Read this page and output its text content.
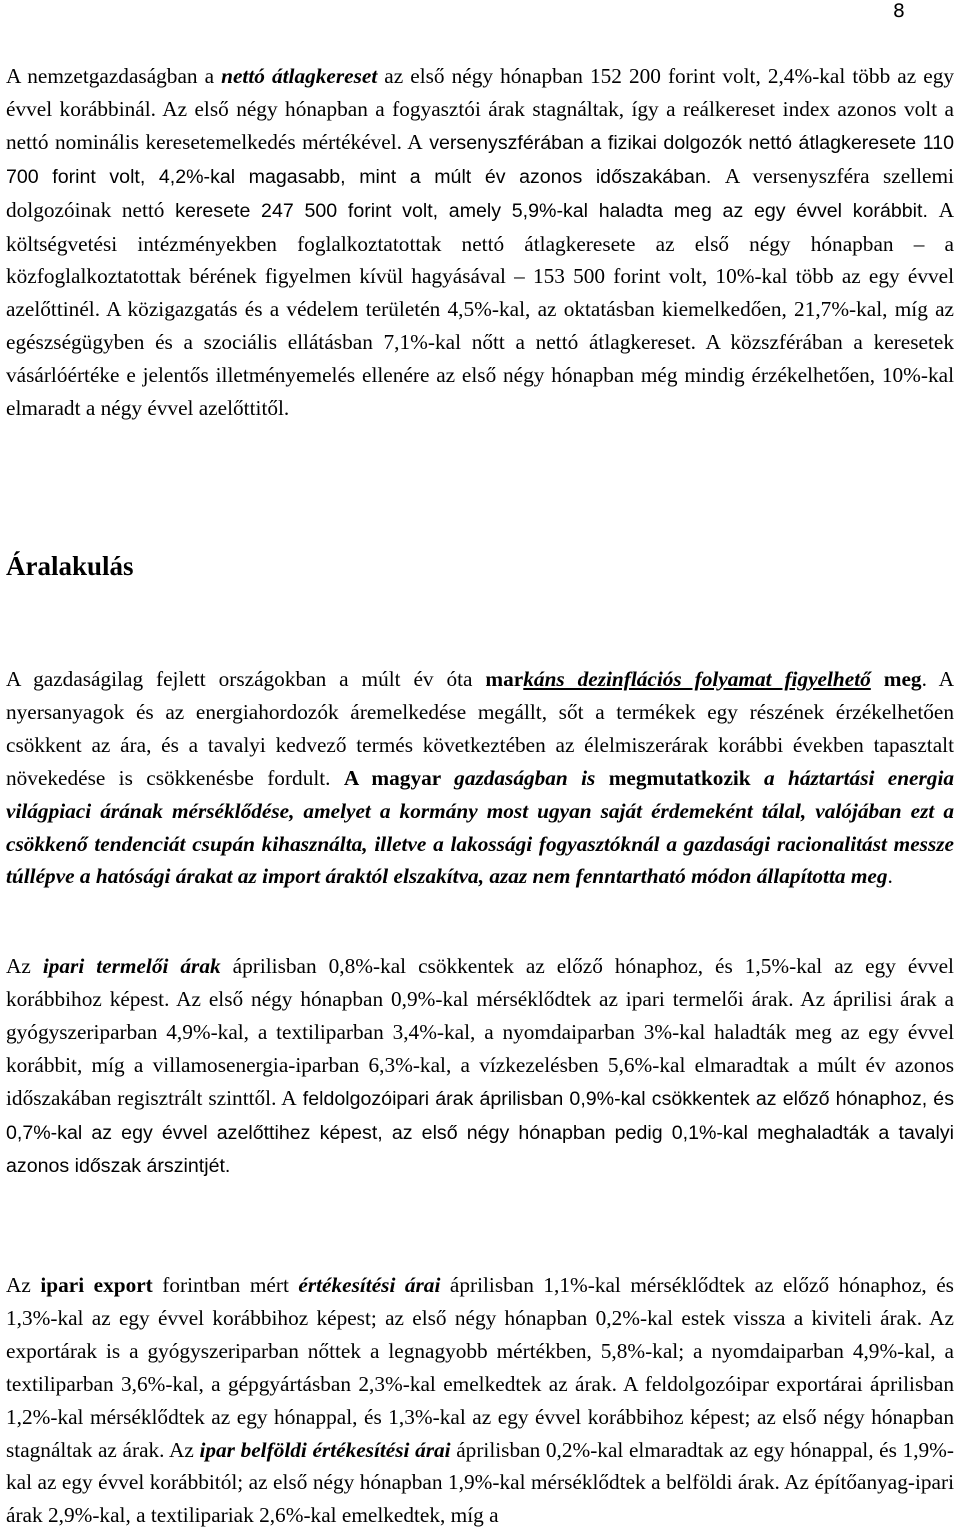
8

A nemzetgazdaságban a nettó átlagkereset az első négy hónapban 152 200 forint volt, 2,4%-kal több az egy évvel korábbinál. Az első négy hónapban a fogyasztói árak stagnáltak, így a reálkereset index azonos volt a nettó nominális keresetemelkedés mértékével. A versenyszférában a fizikai dolgozók nettó átlagkeresete 110 700 forint volt, 4,2%-kal magasabb, mint a múlt év azonos időszakában. A versenyszféra szellemi dolgozóinak nettó keresete 247 500 forint volt, amely 5,9%-kal haladta meg az egy évvel korábbit. A költségvetési intézményekben foglalkoztatottak nettó átlagkeresete az első négy hónapban – a közfoglalkoztatottak bérének figyelmen kívül hagyásával – 153 500 forint volt, 10%-kal több az egy évvel azelőttinél. A közigazgatás és a védelem területén 4,5%-kal, az oktatásban kiemelkedően, 21,7%-kal, míg az egészségügyben és a szociális ellátásban 7,1%-kal nőtt a nettó átlagkereset. A közszférában a keresetek vásárlóértéke e jelentős illetményemelés ellenére az első négy hónapban még mindig érzékelhetően, 10%-kal elmaradt a négy évvel azelőttitől.

Áralakulás

A gazdaságilag fejlett országokban a múlt év óta markáns dezinflációs folyamat figyelhető meg. A nyersanyagok és az energiahordozók áremelkedése megállt, sőt a termékek egy részének érzékelhetően csökkent az ára, és a tavalyi kedvező termés következtében az élelmiszerárak korábbi években tapasztalt növekedése is csökkenésbe fordult. A magyar gazdaságban is megmutatkozik a háztartási energia világpiaci árának mérséklődése, amelyet a kormány most ugyan saját érdemeként tálal, valójában ezt a csökkenő tendenciát csupán kihasználta, illetve a lakossági fogyasztóknál a gazdasági racionalitást messze túllépve a hatósági árakat az import áraktól elszakítva, azaz nem fenntartható módon állapította meg.

Az ipari termelői árak áprilisban 0,8%-kal csökkentek az előző hónaphoz, és 1,5%-kal az egy évvel korábbihoz képest. Az első négy hónapban 0,9%-kal mérséklődtek az ipari termelői árak. Az áprilisi árak a gyógyszeriparban 4,9%-kal, a textiliparban 3,4%-kal, a nyomdaiparban 3%-kal haladták meg az egy évvel korábbit, míg a villamosenergia-iparban 6,3%-kal, a vízkezelésben 5,6%-kal elmaradtak a múlt év azonos időszakában regisztrált szinttől. A feldolgozóipari árak áprilisban 0,9%-kal csökkentek az előző hónaphoz, és 0,7%-kal az egy évvel azelőttihez képest, az első négy hónapban pedig 0,1%-kal meghaladták a tavalyi azonos időszak árszintjét.

Az ipari export forintban mért értékesítési árai áprilisban 1,1%-kal mérséklődtek az előző hónaphoz, és 1,3%-kal az egy évvel korábbihoz képest; az első négy hónapban 0,2%-kal estek vissza a kiviteli árak. Az exportárak is a gyógyszeriparban nőttek a legnagyobb mértékben, 5,8%-kal; a nyomdaiparban 4,9%-kal, a textiliparban 3,6%-kal, a gépgyártásban 2,3%-kal emelkedtek az árak. A feldolgozóipar exportárai áprilisban 1,2%-kal mérséklődtek az egy hónappal, és 1,3%-kal az egy évvel korábbihoz képest; az első négy hónapban stagnáltak az árak. Az ipar belföldi értékesítési árai áprilisban 0,2%-kal elmaradtak az egy hónappal, és 1,9%-kal az egy évvel korábbitól; az első négy hónapban 1,9%-kal mérséklődtek a belföldi árak. Az építőanyag-ipari árak 2,9%-kal, a textilipariak 2,6%-kal emelkedtek, míg a
